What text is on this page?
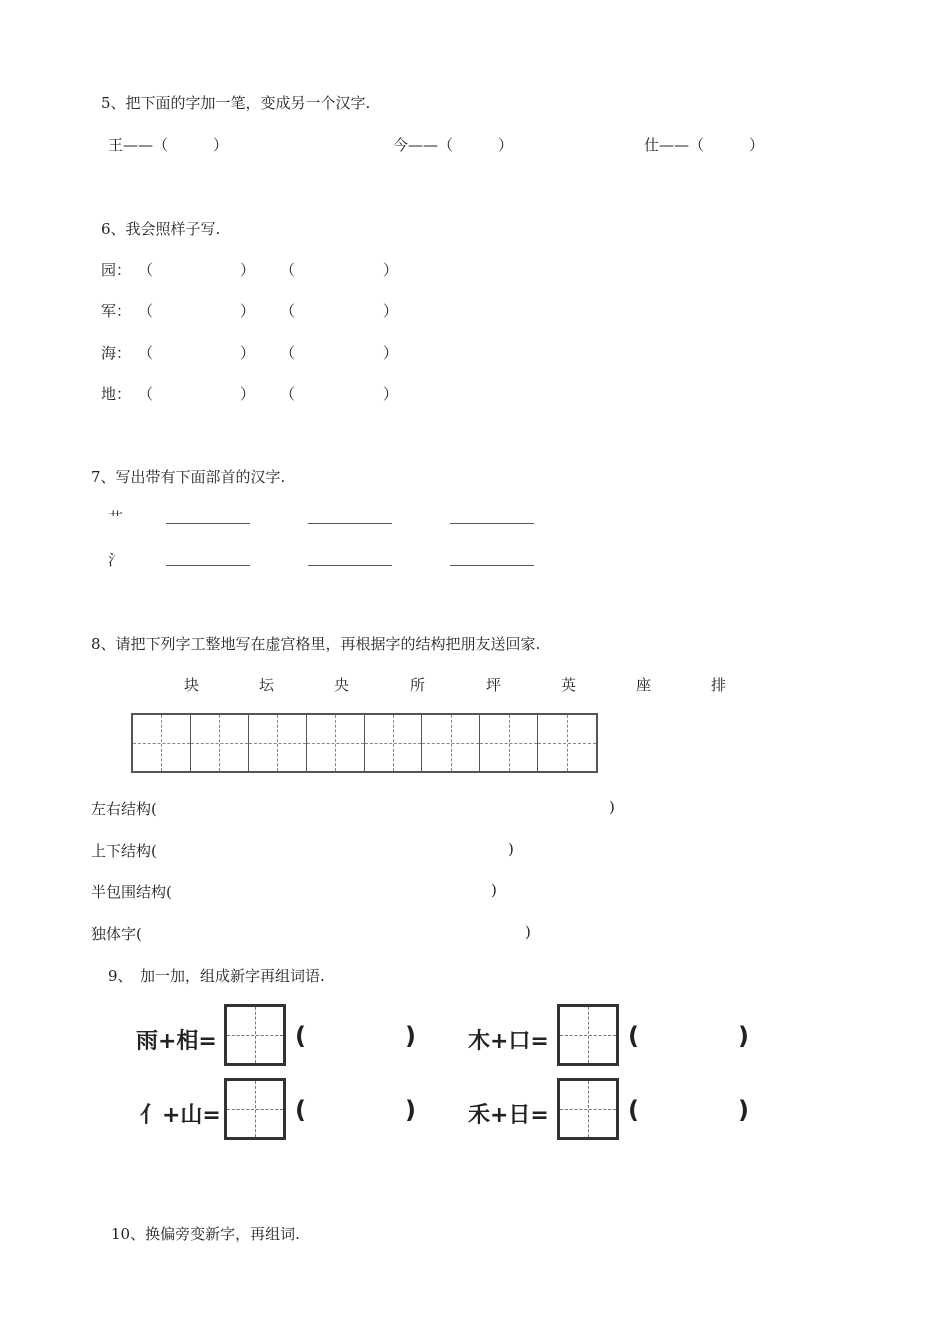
5、把下面的字加一笔，变成另一个汉字.
王——（　　　）	今——（　　　）	仕——（　　　）
6、我会照样子写.
园： （	） （	）
军： （	） （	）
海： （	） （	）
地： （	） （	）
7、写出带有下面部首的汉字.
艹
氵
8、请把下列字工整地写在虚宫格里，再根据字的结构把朋友送回家.
块	坛	央	所	坪	英	座	排
左右结构(	)
上下结构(	)
半包围结构(	)
独体字(	)
9、　加一加，组成新字再组词语.
雨+相=	(	) 木+口=	(	)
亻+山=	(	) 禾+日=	(	)
10、换偏旁变新字，再组词.
